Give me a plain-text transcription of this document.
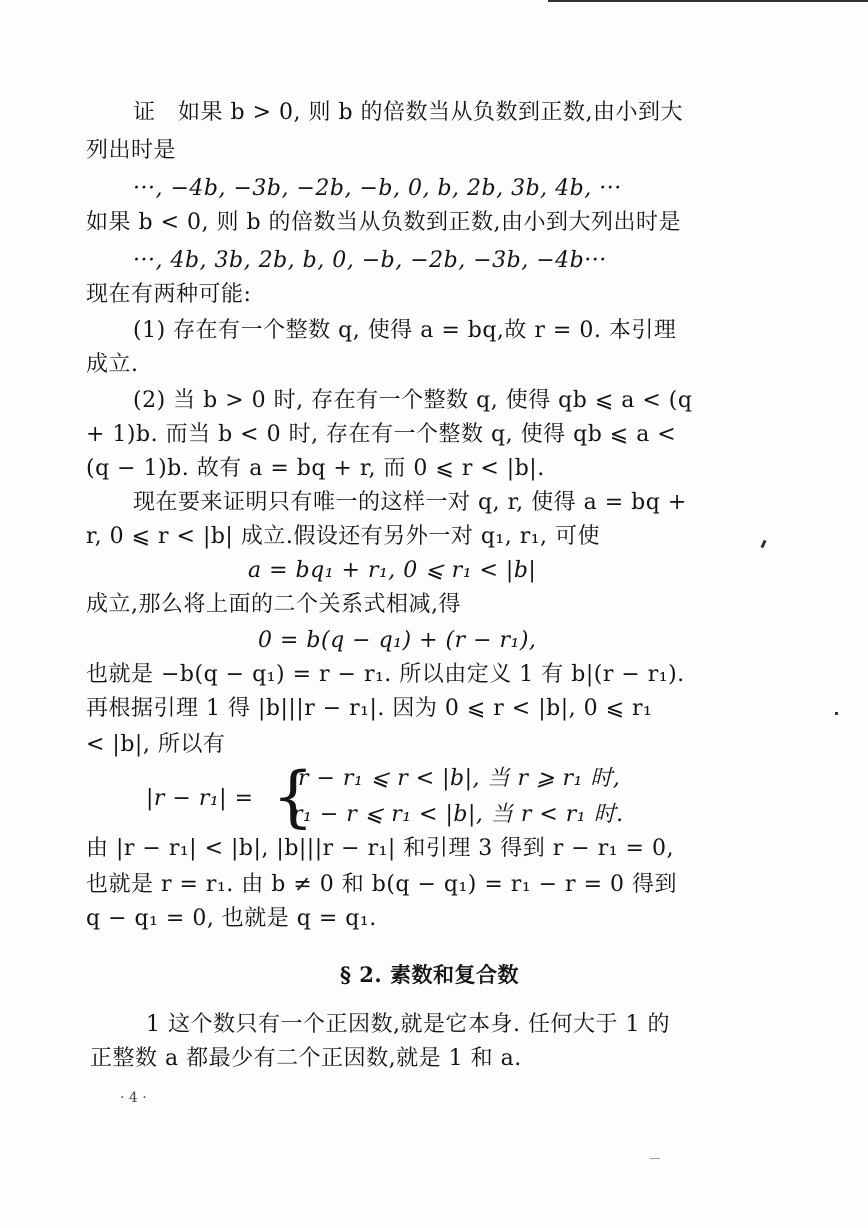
证　如果 b > 0, 则 b 的倍数当从负数到正数,由小到大
列出时是
···, −4b, −3b, −2b, −b, 0, b, 2b, 3b, 4b, ···
如果 b < 0, 则 b 的倍数当从负数到正数,由小到大列出时是
···, 4b, 3b, 2b, b, 0, −b, −2b, −3b, −4b···
现在有两种可能:
(1) 存在有一个整数 q, 使得 a = bq,故 r = 0. 本引理
成立.
(2) 当 b > 0 时, 存在有一个整数 q, 使得 qb ⩽ a < (q
+ 1)b. 而当 b < 0 时, 存在有一个整数 q, 使得 qb ⩽ a <
(q − 1)b. 故有 a = bq + r, 而 0 ⩽ r < |b|.
现在要来证明只有唯一的这样一对 q, r, 使得 a = bq +
r, 0 ⩽ r < |b| 成立.假设还有另外一对 q₁, r₁, 可使
a = bq₁ + r₁, 0 ⩽ r₁ < |b|
成立,那么将上面的二个关系式相减,得
0 = b(q − q₁) + (r − r₁),
也就是 −b(q − q₁) = r − r₁. 所以由定义 1 有 b|(r − r₁).
再根据引理 1 得 |b|||r − r₁|. 因为 0 ⩽ r < |b|, 0 ⩽ r₁
< |b|, 所以有
|r − r₁| = {
r − r₁ ⩽ r < |b|, 当 r ⩾ r₁ 时,
r₁ − r ⩽ r₁ < |b|, 当 r < r₁ 时.
由 |r − r₁| < |b|, |b|||r − r₁| 和引理 3 得到 r − r₁ = 0,
也就是 r = r₁. 由 b ≠ 0 和 b(q − q₁) = r₁ − r = 0 得到
q − q₁ = 0, 也就是 q = q₁.
§ 2. 素数和复合数
1 这个数只有一个正因数,就是它本身. 任何大于 1 的
正整数 a 都最少有二个正因数,就是 1 和 a.
· 4 ·
